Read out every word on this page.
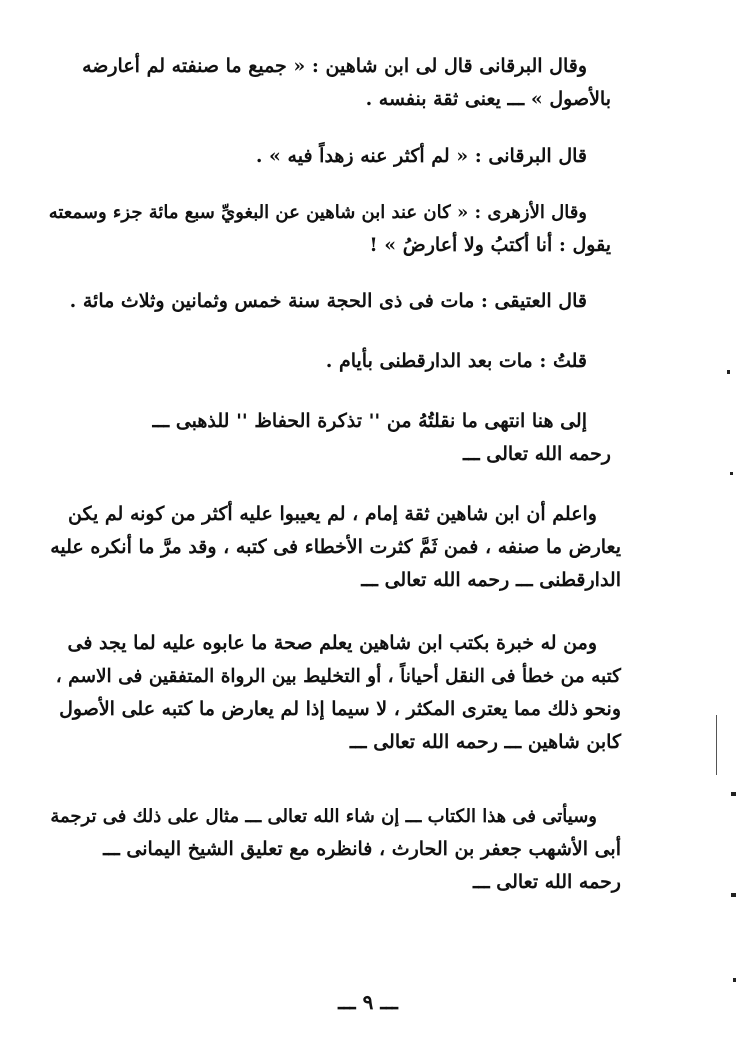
وقال البرقانى قال لى ابن شاهين : « جميع ما صنفته لم أعارضه
بالأصول » ـــ يعنى ثقة بنفسه .
قال البرقانى : « لم أكثر عنه زهداً فيه » .
وقال الأزهرى : « كان عند ابن شاهين عن البغويِّ سبع مائة جزء وسمعته
يقول : أنا أكتبُ ولا أعارضُ » !
قال العتيقى : مات فى ذى الحجة سنة خمس وثمانين وثلاث مائة .
قلتُ : مات بعد الدارقطنى بأيام .
إلى هنا انتهى ما نقلتُهُ من '' تذكرة الحفاظ '' للذهبى ـــ
رحمه الله تعالى ـــ
واعلم أن ابن شاهين ثقة إمام ، لم يعيبوا عليه أكثر من كونه لم يكن
يعارض ما صنفه ، فمن ثَمَّ كثرت الأخطاء فى كتبه ، وقد مرَّ ما أنكره عليه
الدارقطنى ـــ رحمه الله تعالى ـــ
ومن له خبرة بكتب ابن شاهين يعلم صحة ما عابوه عليه لما يجد فى
كتبه من خطأ فى النقل أحياناً ، أو التخليط بين الرواة المتفقين فى الاسم ،
ونحو ذلك مما يعترى المكثر ، لا سيما إذا لم يعارض ما كتبه على الأصول
كابن شاهين ـــ رحمه الله تعالى ـــ
وسيأتى فى هذا الكتاب ـــ إن شاء الله تعالى ـــ مثال على ذلك فى ترجمة
أبى الأشهب جعفر بن الحارث ، فانظره مع تعليق الشيخ اليمانى ـــ
رحمه الله تعالى ـــ
ـــ ٩ ـــ
